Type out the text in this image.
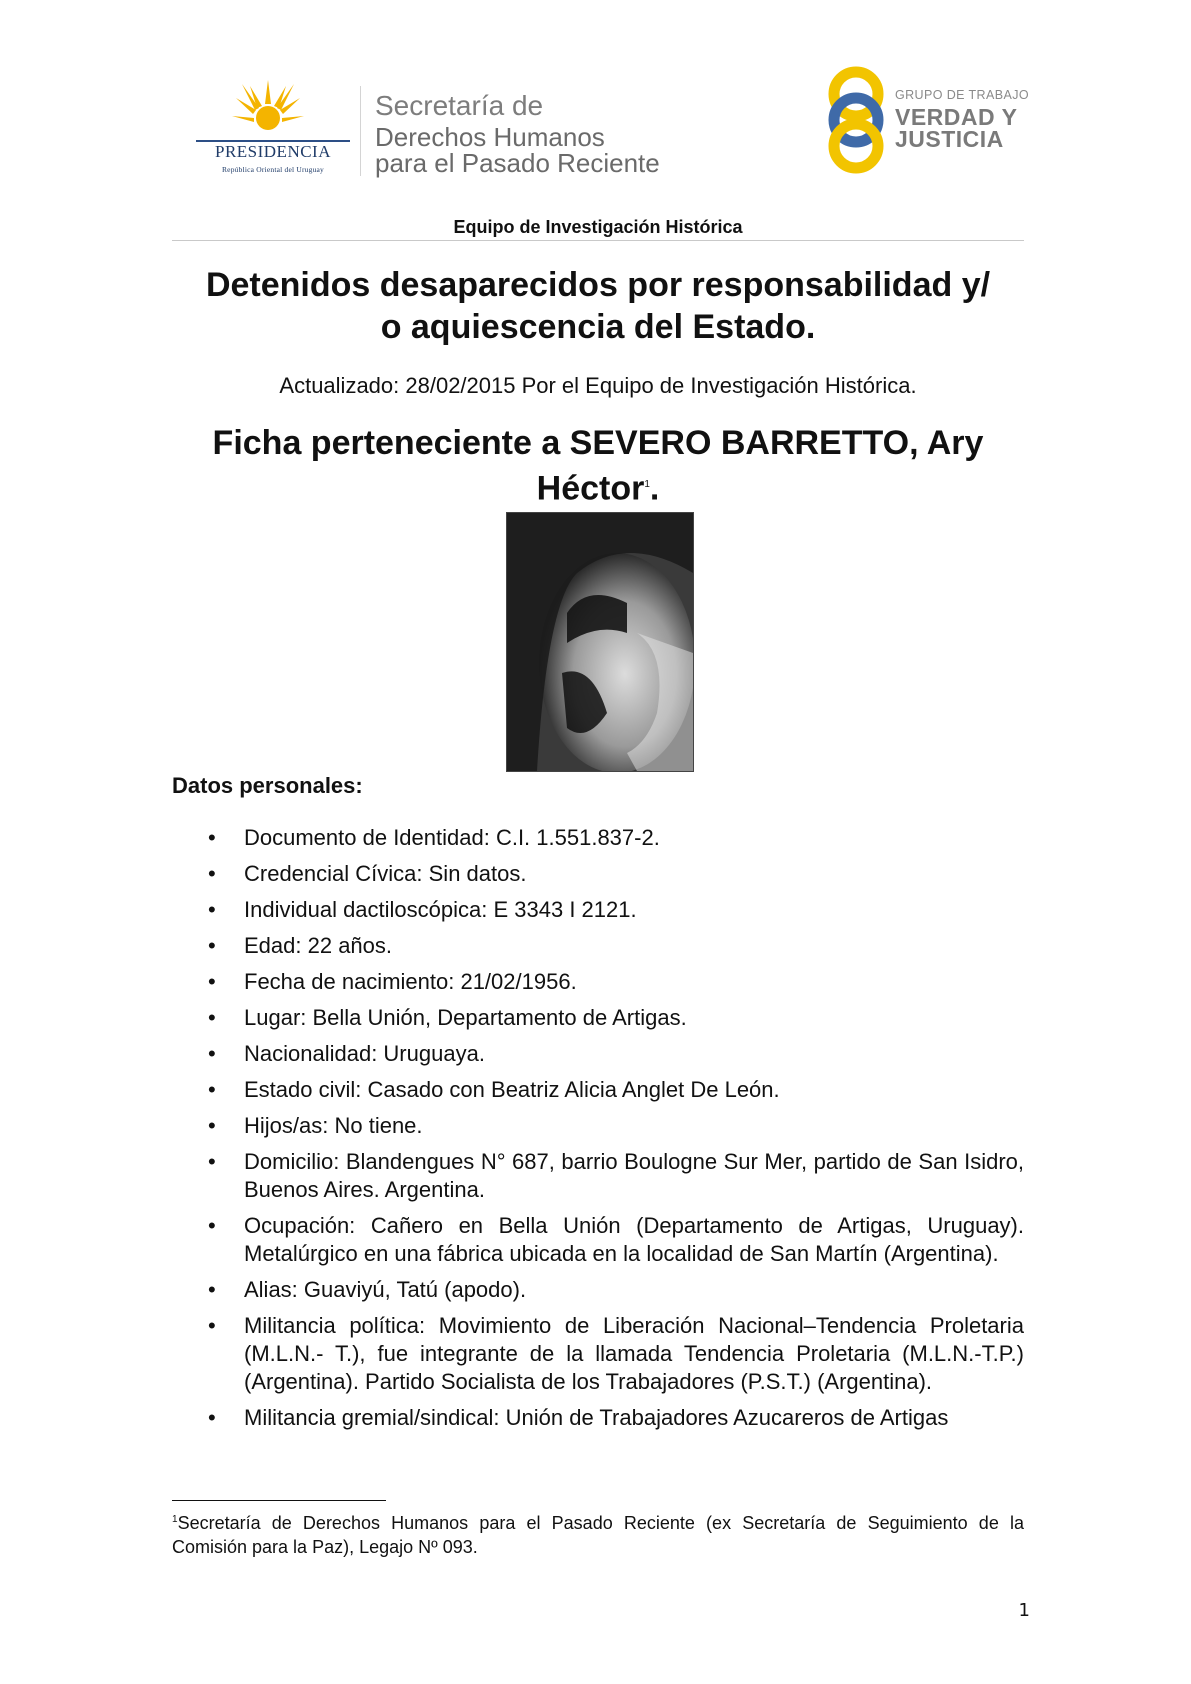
PRESIDENCIA
República Oriental del Uruguay
Secretaría de
Derechos Humanos
para el Pasado Reciente
GRUPO DE TRABAJO
VERDAD Y
JUSTICIA
Equipo de Investigación Histórica
Detenidos desaparecidos por responsabilidad y/
o aquiescencia del Estado.
Actualizado: 28/02/2015 Por el Equipo de Investigación Histórica.
Ficha perteneciente a SEVERO BARRETTO, Ary
Héctor$^1$.
Datos personales:
•
Documento de Identidad: C.I. 1.551.837-2.
•
Credencial Cívica: Sin datos.
•
Individual dactiloscópica: E 3343 I 2121.
•
Edad: 22 años.
•
Fecha de nacimiento: 21/02/1956.
•
Lugar: Bella Unión, Departamento de Artigas.
•
Nacionalidad: Uruguaya.
•
Estado civil: Casado con Beatriz Alicia Anglet De León.
•
Hijos/as: No tiene.
•
Domicilio: Blandengues N° 687, barrio Boulogne Sur Mer, partido de San Isidro, Buenos Aires. Argentina.
•
Ocupación: Cañero en Bella Unión (Departamento de Artigas, Uruguay). Metalúrgico en una fábrica ubicada en la localidad de San Martín (Argentina).
•
Alias: Guaviyú, Tatú (apodo).
•
Militancia política: Movimiento de Liberación Nacional–Tendencia Proletaria (M.L.N.- T.), fue integrante de la llamada Tendencia Proletaria (M.L.N.-T.P.) (Argentina). Partido Socialista de los Trabajadores (P.S.T.) (Argentina).
•
Militancia gremial/sindical: Unión de Trabajadores Azucareros de Artigas
$^1$Secretaría de Derechos Humanos para el Pasado Reciente (ex Secretaría de Seguimiento de la Comisión para la Paz), Legajo Nº 093.
1
